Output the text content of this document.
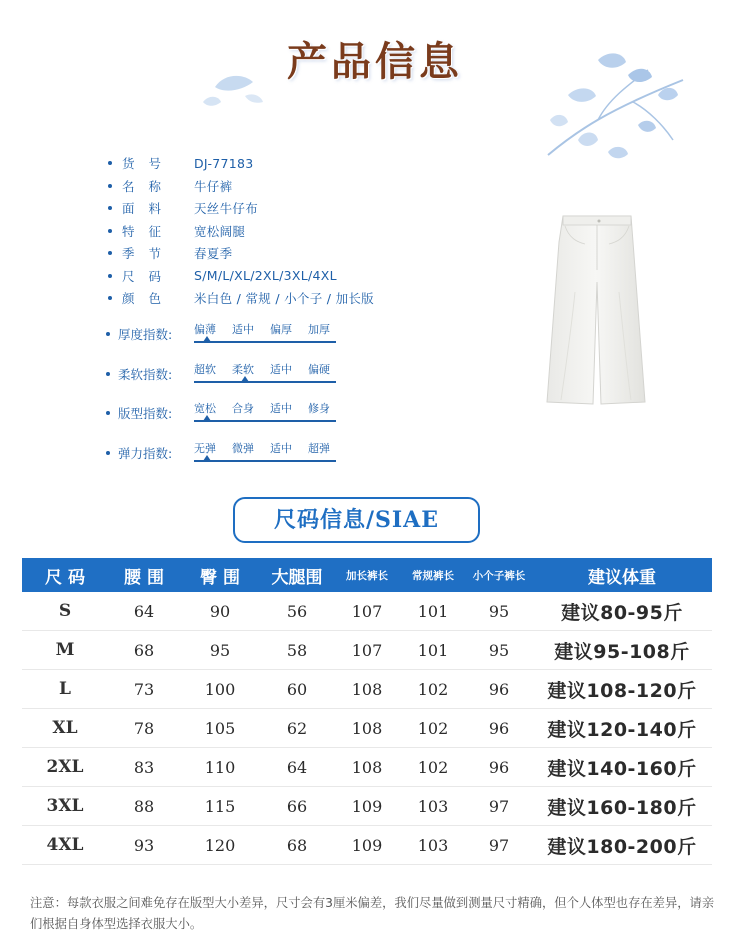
产品信息
货号	DJ-77183
名称	牛仔裤
面料	天丝牛仔布
特征	宽松阔腿
季节	春夏季
尺码	S/M/L/XL/2XL/3XL/4XL
颜色	米白色 / 常规 / 小个子 / 加长版
厚度指数: 偏薄	适中	偏厚	加厚
柔软指数: 超软	柔软	适中	偏硬
版型指数: 宽松	合身	适中	修身
弹力指数: 无弹	微弹	适中	超弹
尺码信息/SIAE
尺 码	腰 围	臀 围	大腿围	加长裤长	常规裤长	小个子裤长	建议体重
S	64	90	56	107	101	95	建议80-95斤
M	68	95	58	107	101	95	建议95-108斤
L	73	100	60	108	102	96	建议108-120斤
XL	78	105	62	108	102	96	建议120-140斤
2XL	83	110	64	108	102	96	建议140-160斤
3XL	88	115	66	109	103	97	建议160-180斤
4XL	93	120	68	109	103	97	建议180-200斤

注意：每款衣服之间难免存在版型大小差异，尺寸会有3厘米偏差，我们尽量做到测量尺寸精确，但个人体型也存在差异，请亲们根据自身体型选择衣服大小。
